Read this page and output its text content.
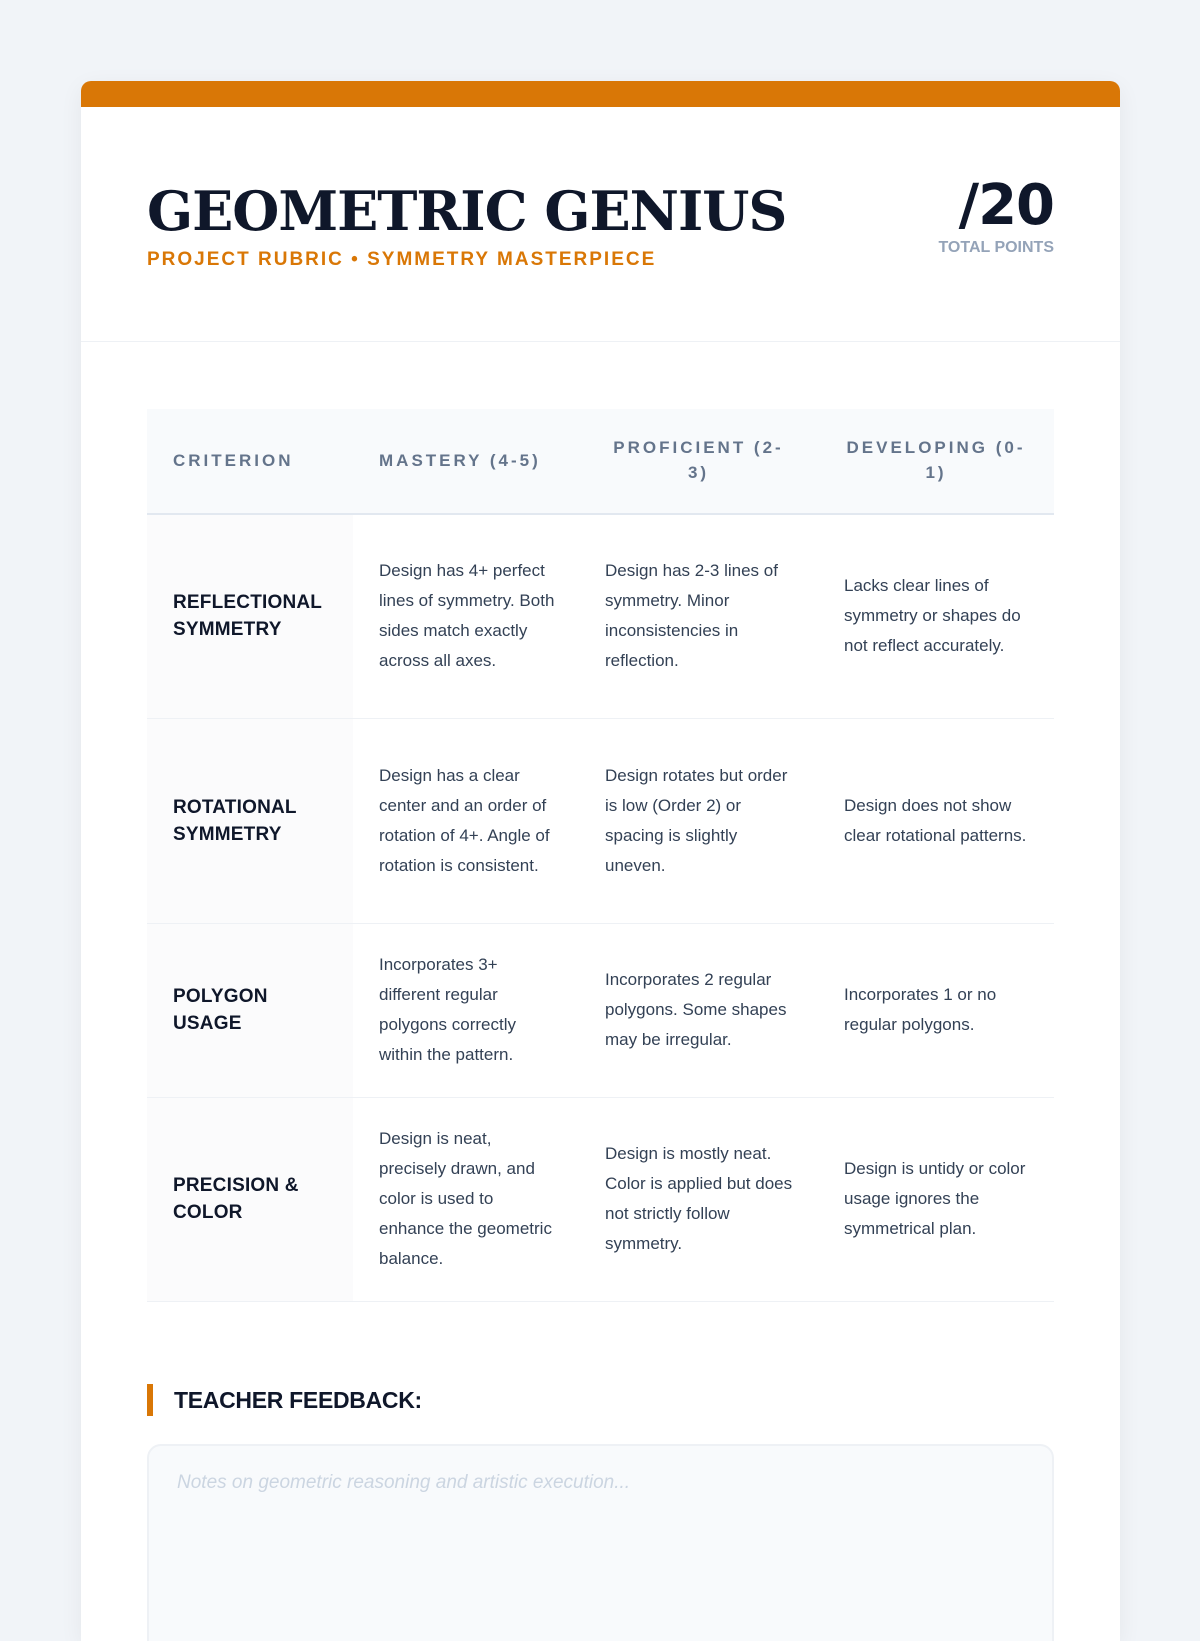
GEOMETRIC GENIUS
PROJECT RUBRIC • SYMMETRY MASTERPIECE
/20
TOTAL POINTS
CRITERION	MASTERY (4-5)	PROFICIENT (2-3)	DEVELOPING (0-1)
REFLECTIONAL SYMMETRY	Design has 4+ perfect lines of symmetry. Both sides match exactly across all axes.	Design has 2-3 lines of symmetry. Minor inconsistencies in reflection.	Lacks clear lines of symmetry or shapes do not reflect accurately.
ROTATIONAL SYMMETRY	Design has a clear center and an order of rotation of 4+. Angle of rotation is consistent.	Design rotates but order is low (Order 2) or spacing is slightly uneven.	Design does not show clear rotational patterns.
POLYGON USAGE	Incorporates 3+ different regular polygons correctly within the pattern.	Incorporates 2 regular polygons. Some shapes may be irregular.	Incorporates 1 or no regular polygons.
PRECISION & COLOR	Design is neat, precisely drawn, and color is used to enhance the geometric balance.	Design is mostly neat. Color is applied but does not strictly follow symmetry.	Design is untidy or color usage ignores the symmetrical plan.
TEACHER FEEDBACK:
Notes on geometric reasoning and artistic execution...
